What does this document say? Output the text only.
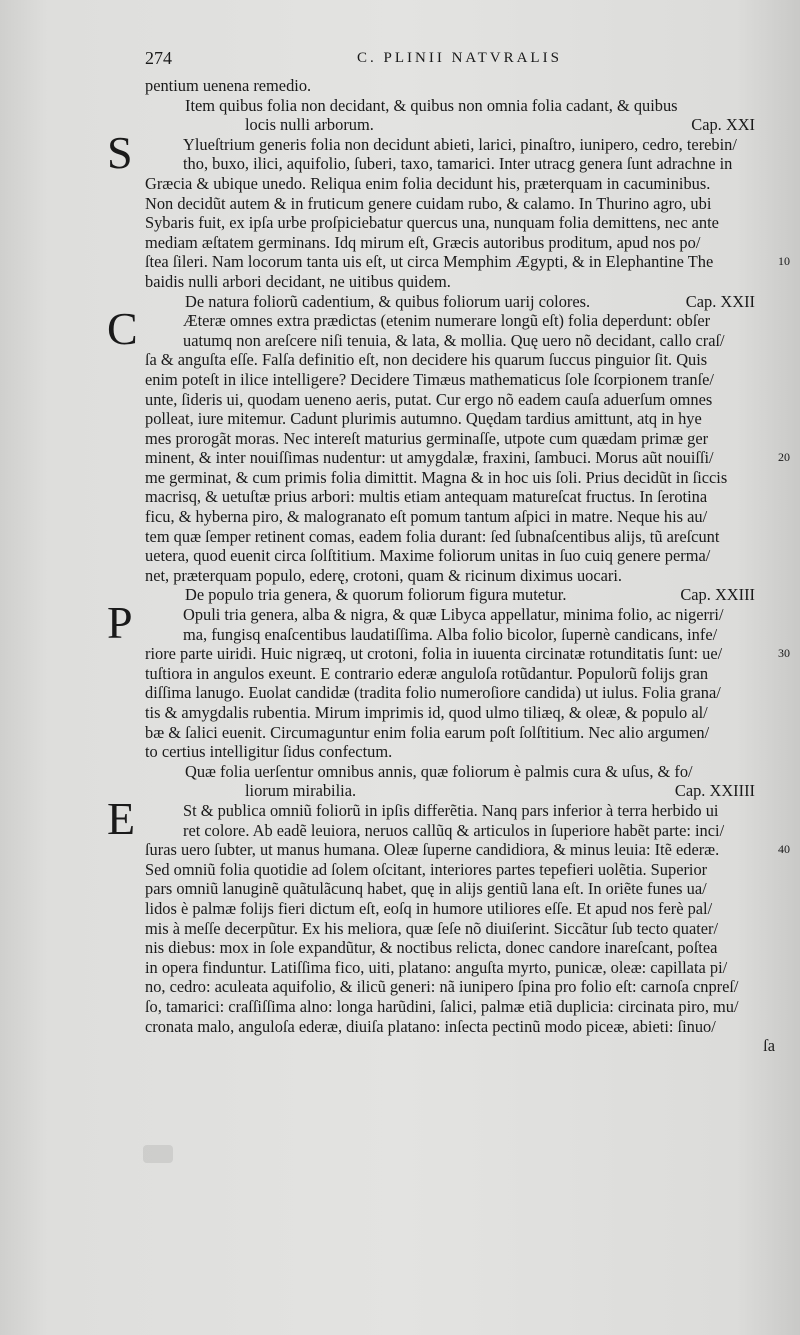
274	C. PLINII NATVRALIS
pentium uenena remedio.
Item quibus folia non decidant, & quibus non omnia folia cadant, & quibus
locis nulli arborum.	Cap. XXI
S	Ylueſtrium generis folia non decidunt abieti, larici, pinaſtro, iunipero, cedro, terebin/
tho, buxo, ilici, aquifolio, ſuberi, taxo, tamarici. Inter utracg genera ſunt adrachne in
Græcia & ubique unedo. Reliqua enim folia decidunt his, præterquam in cacuminibus.
Non decidũt autem & in fruticum genere cuidam rubo, & calamo. In Thurino agro, ubi
Sybaris fuit, ex ipſa urbe proſpiciebatur quercus una, nunquam folia demittens, nec ante
mediam æſtatem germinans. Idq mirum eſt, Græcis autoribus proditum, apud nos po/
ſtea ſileri. Nam locorum tanta uis eſt, ut circa Memphim Ægypti, & in Elephantine The
baidis nulli arbori decidant, ne uitibus quidem.
De natura foliorũ cadentium, & quibus foliorum uarij colores.	Cap. XXII
C	Æteræ omnes extra prædictas (etenim numerare longũ eſt) folia deperdunt: obſer
uatumq non areſcere niſi tenuia, & lata, & mollia. Quę uero nõ decidant, callo craſ/
ſa & anguſta eſſe. Falſa definitio eſt, non decidere his quarum ſuccus pinguior ſit. Quis
enim poteſt in ilice intelligere? Decidere Timæus mathematicus ſole ſcorpionem tranſe/
unte, ſideris ui, quodam ueneno aeris, putat. Cur ergo nõ eadem cauſa aduerſum omnes
polleat, iure mitemur. Cadunt plurimis autumno. Quędam tardius amittunt, atq in hye
mes prorogãt moras. Nec intereſt maturius germinaſſe, utpote cum quædam primæ ger
minent, & inter nouiſſimas nudentur: ut amygdalæ, fraxini, ſambuci. Morus aũt nouiſſi/
me germinat, & cum primis folia dimittit. Magna & in hoc uis ſoli. Prius decidũt in ſiccis
macrisq, & uetuſtæ prius arbori: multis etiam antequam matureſcat fructus. In ſerotina
ficu, & hyberna piro, & malogranato eſt pomum tantum aſpici in matre. Neque his au/
tem quæ ſemper retinent comas, eadem folia durant: ſed ſubnaſcentibus alijs, tũ areſcunt
uetera, quod euenit circa ſolſtitium. Maxime foliorum unitas in ſuo cuiq genere perma/
net, præterquam populo, ederę, crotoni, quam & ricinum diximus uocari.
De populo tria genera, & quorum foliorum figura mutetur.	Cap. XXIII
P	Opuli tria genera, alba & nigra, & quæ Libyca appellatur, minima folio, ac nigerri/
ma, fungisq enaſcentibus laudatiſſima. Alba folio bicolor, ſupernè candicans, infe/
riore parte uiridi. Huic nigræq, ut crotoni, folia in iuuenta circinatæ rotunditatis ſunt: ue/
tuſtiora in angulos exeunt. E contrario ederæ anguloſa rotũdantur. Populorũ folijs gran
diſſima lanugo. Euolat candidæ (tradita folio numeroſiore candida) ut iulus. Folia grana/
tis & amygdalis rubentia. Mirum imprimis id, quod ulmo tiliæq, & oleæ, & populo al/
bæ & ſalici euenit. Circumaguntur enim folia earum poſt ſolſtitium. Nec alio argumen/
to certius intelligitur ſidus confectum.
Quæ folia uerſentur omnibus annis, quæ foliorum è palmis cura & uſus, & fo/
liorum mirabilia.	Cap. XXIIII
E	St & publica omniũ foliorũ in ipſis differẽtia. Nanq pars inferior à terra herbido ui
ret colore. Ab eadẽ leuiora, neruos callũq & articulos in ſuperiore habẽt parte: inci/
ſuras uero ſubter, ut manus humana. Oleæ ſuperne candidiora, & minus leuia: Itẽ ederæ.
Sed omniũ folia quotidie ad ſolem oſcitant, interiores partes tepefieri uolẽtia. Superior
pars omniũ lanuginẽ quãtulãcunq habet, quę in alijs gentiũ lana eſt. In oriẽte funes ua/
lidos è palmæ folijs fieri dictum eſt, eoſq in humore utiliores eſſe. Et apud nos ferè pal/
mis à meſſe decerpũtur. Ex his meliora, quæ ſeſe nõ diuiſerint. Siccãtur ſub tecto quater/
nis diebus: mox in ſole expandũtur, & noctibus relicta, donec candore inareſcant, poſtea
in opera finduntur. Latiſſima fico, uiti, platano: anguſta myrto, punicæ, oleæ: capillata pi/
no, cedro: aculeata aquifolio, & ilicũ generi: nã iunipero ſpina pro folio eſt: carnoſa cnpreſ/
ſo, tamarici: craſſiſſima alno: longa harũdini, ſalici, palmæ etiã duplicia: circinata piro, mu/
cronata malo, anguloſa ederæ, diuiſa platano: inſecta pectinũ modo piceæ, abieti: ſinuo/
ſa
10
20
30
40
